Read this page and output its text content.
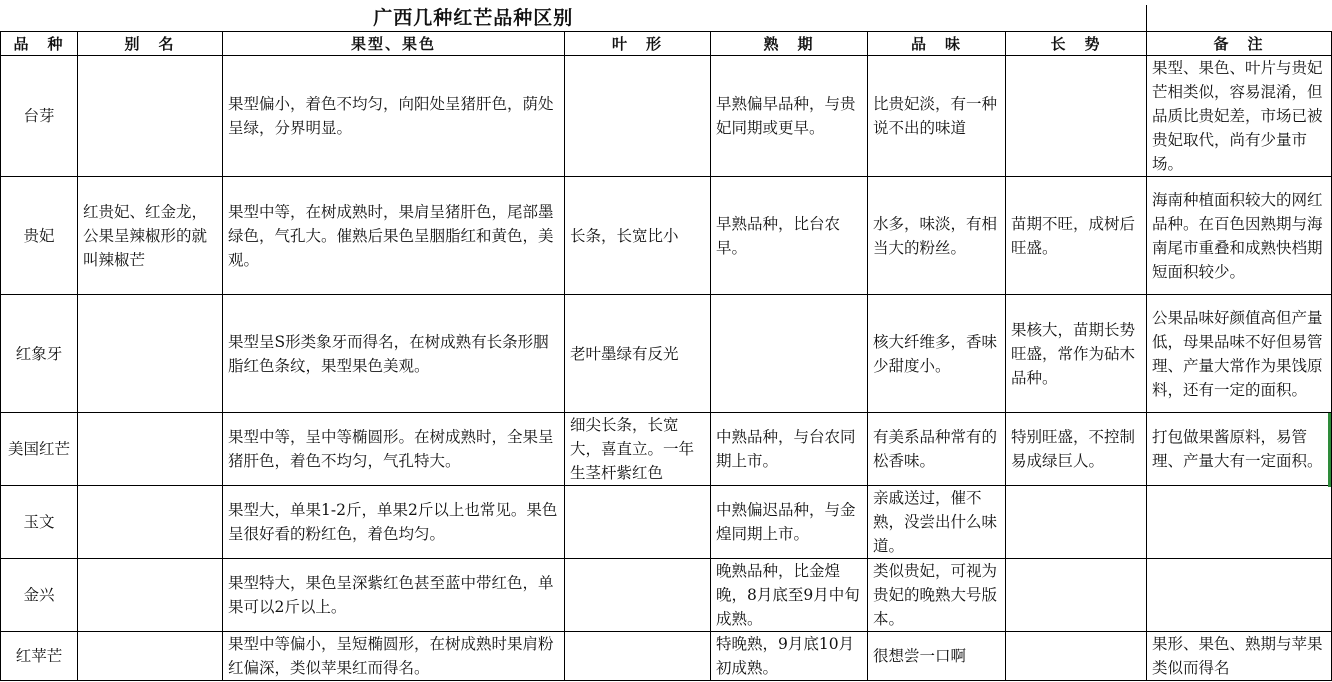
广西几种红芒品种区别							
品　种	别　名	果型、果色	叶　形	熟　期	品　味	长　势	备　注
台芽		果型偏小，着色不均匀，向阳处呈猪肝色，荫处呈绿，分界明显。		早熟偏早品种，与贵妃同期或更早。	比贵妃淡，有一种说不出的味道		果型、果色、叶片与贵妃芒相类似，容易混淆，但品质比贵妃差，市场已被贵妃取代，尚有少量市场。
贵妃	红贵妃、红金龙，公果呈辣椒形的就叫辣椒芒	果型中等，在树成熟时，果肩呈猪肝色，尾部墨绿色，气孔大。催熟后果色呈胭脂红和黄色，美观。	长条，长宽比小	早熟品种，比台农早。	水多，味淡，有相当大的粉丝。	苗期不旺，成树后旺盛。	海南种植面积较大的网红品种。在百色因熟期与海南尾市重叠和成熟快档期短面积较少。
红象牙		果型呈S形类象牙而得名，在树成熟有长条形胭脂红色条纹，果型果色美观。	老叶墨绿有反光		核大纤维多，香味少甜度小。	果核大，苗期长势旺盛，常作为砧木品种。	公果品味好颜值高但产量低，母果品味不好但易管理、产量大常作为果饯原料，还有一定的面积。
美国红芒		果型中等，呈中等椭圆形。在树成熟时，全果呈猪肝色，着色不均匀，气孔特大。	细尖长条，长宽大，喜直立。一年生茎杆紫红色	中熟品种，与台农同期上市。	有美系品种常有的松香味。	特别旺盛，不控制易成绿巨人。	打包做果酱原料，易管理、产量大有一定面积。
玉文		果型大，单果1-2斤，单果2斤以上也常见。果色呈很好看的粉红色，着色均匀。		中熟偏迟品种，与金煌同期上市。	亲戚送过，催不熟，没尝出什么味道。		
金兴		果型特大，果色呈深紫红色甚至蓝中带红色，单果可以2斤以上。		晚熟品种，比金煌晚，8月底至9月中旬成熟。	类似贵妃，可视为贵妃的晚熟大号版本。		
红苹芒		果型中等偏小，呈短椭圆形，在树成熟时果肩粉红偏深，类似苹果红而得名。		特晚熟，9月底10月初成熟。	很想尝一口啊		果形、果色、熟期与苹果类似而得名
